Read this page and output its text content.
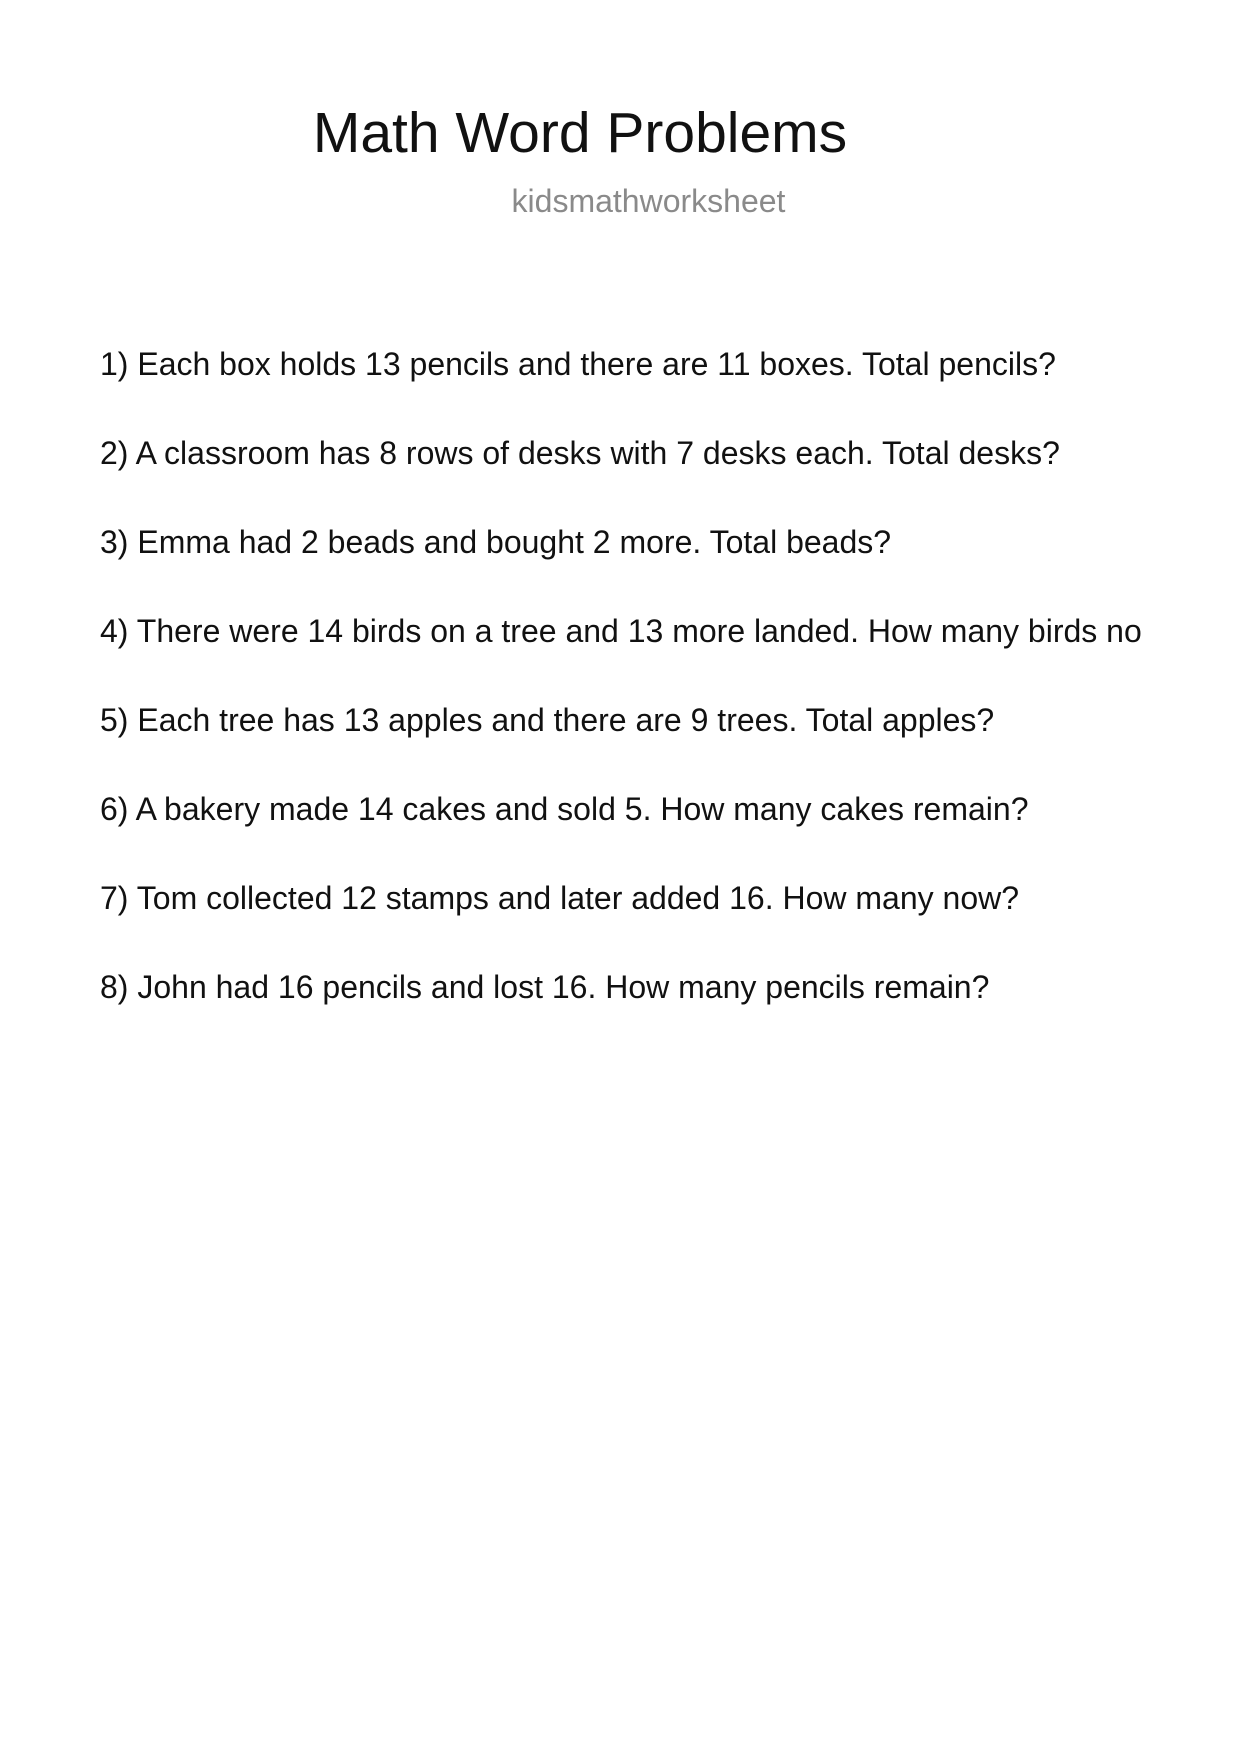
Math Word Problems
kidsmathworksheet
1) Each box holds 13 pencils and there are 11 boxes. Total pencils?
2) A classroom has 8 rows of desks with 7 desks each. Total desks?
3) Emma had 2 beads and bought 2 more. Total beads?
4) There were 14 birds on a tree and 13 more landed. How many birds no
5) Each tree has 13 apples and there are 9 trees. Total apples?
6) A bakery made 14 cakes and sold 5. How many cakes remain?
7) Tom collected 12 stamps and later added 16. How many now?
8) John had 16 pencils and lost 16. How many pencils remain?
